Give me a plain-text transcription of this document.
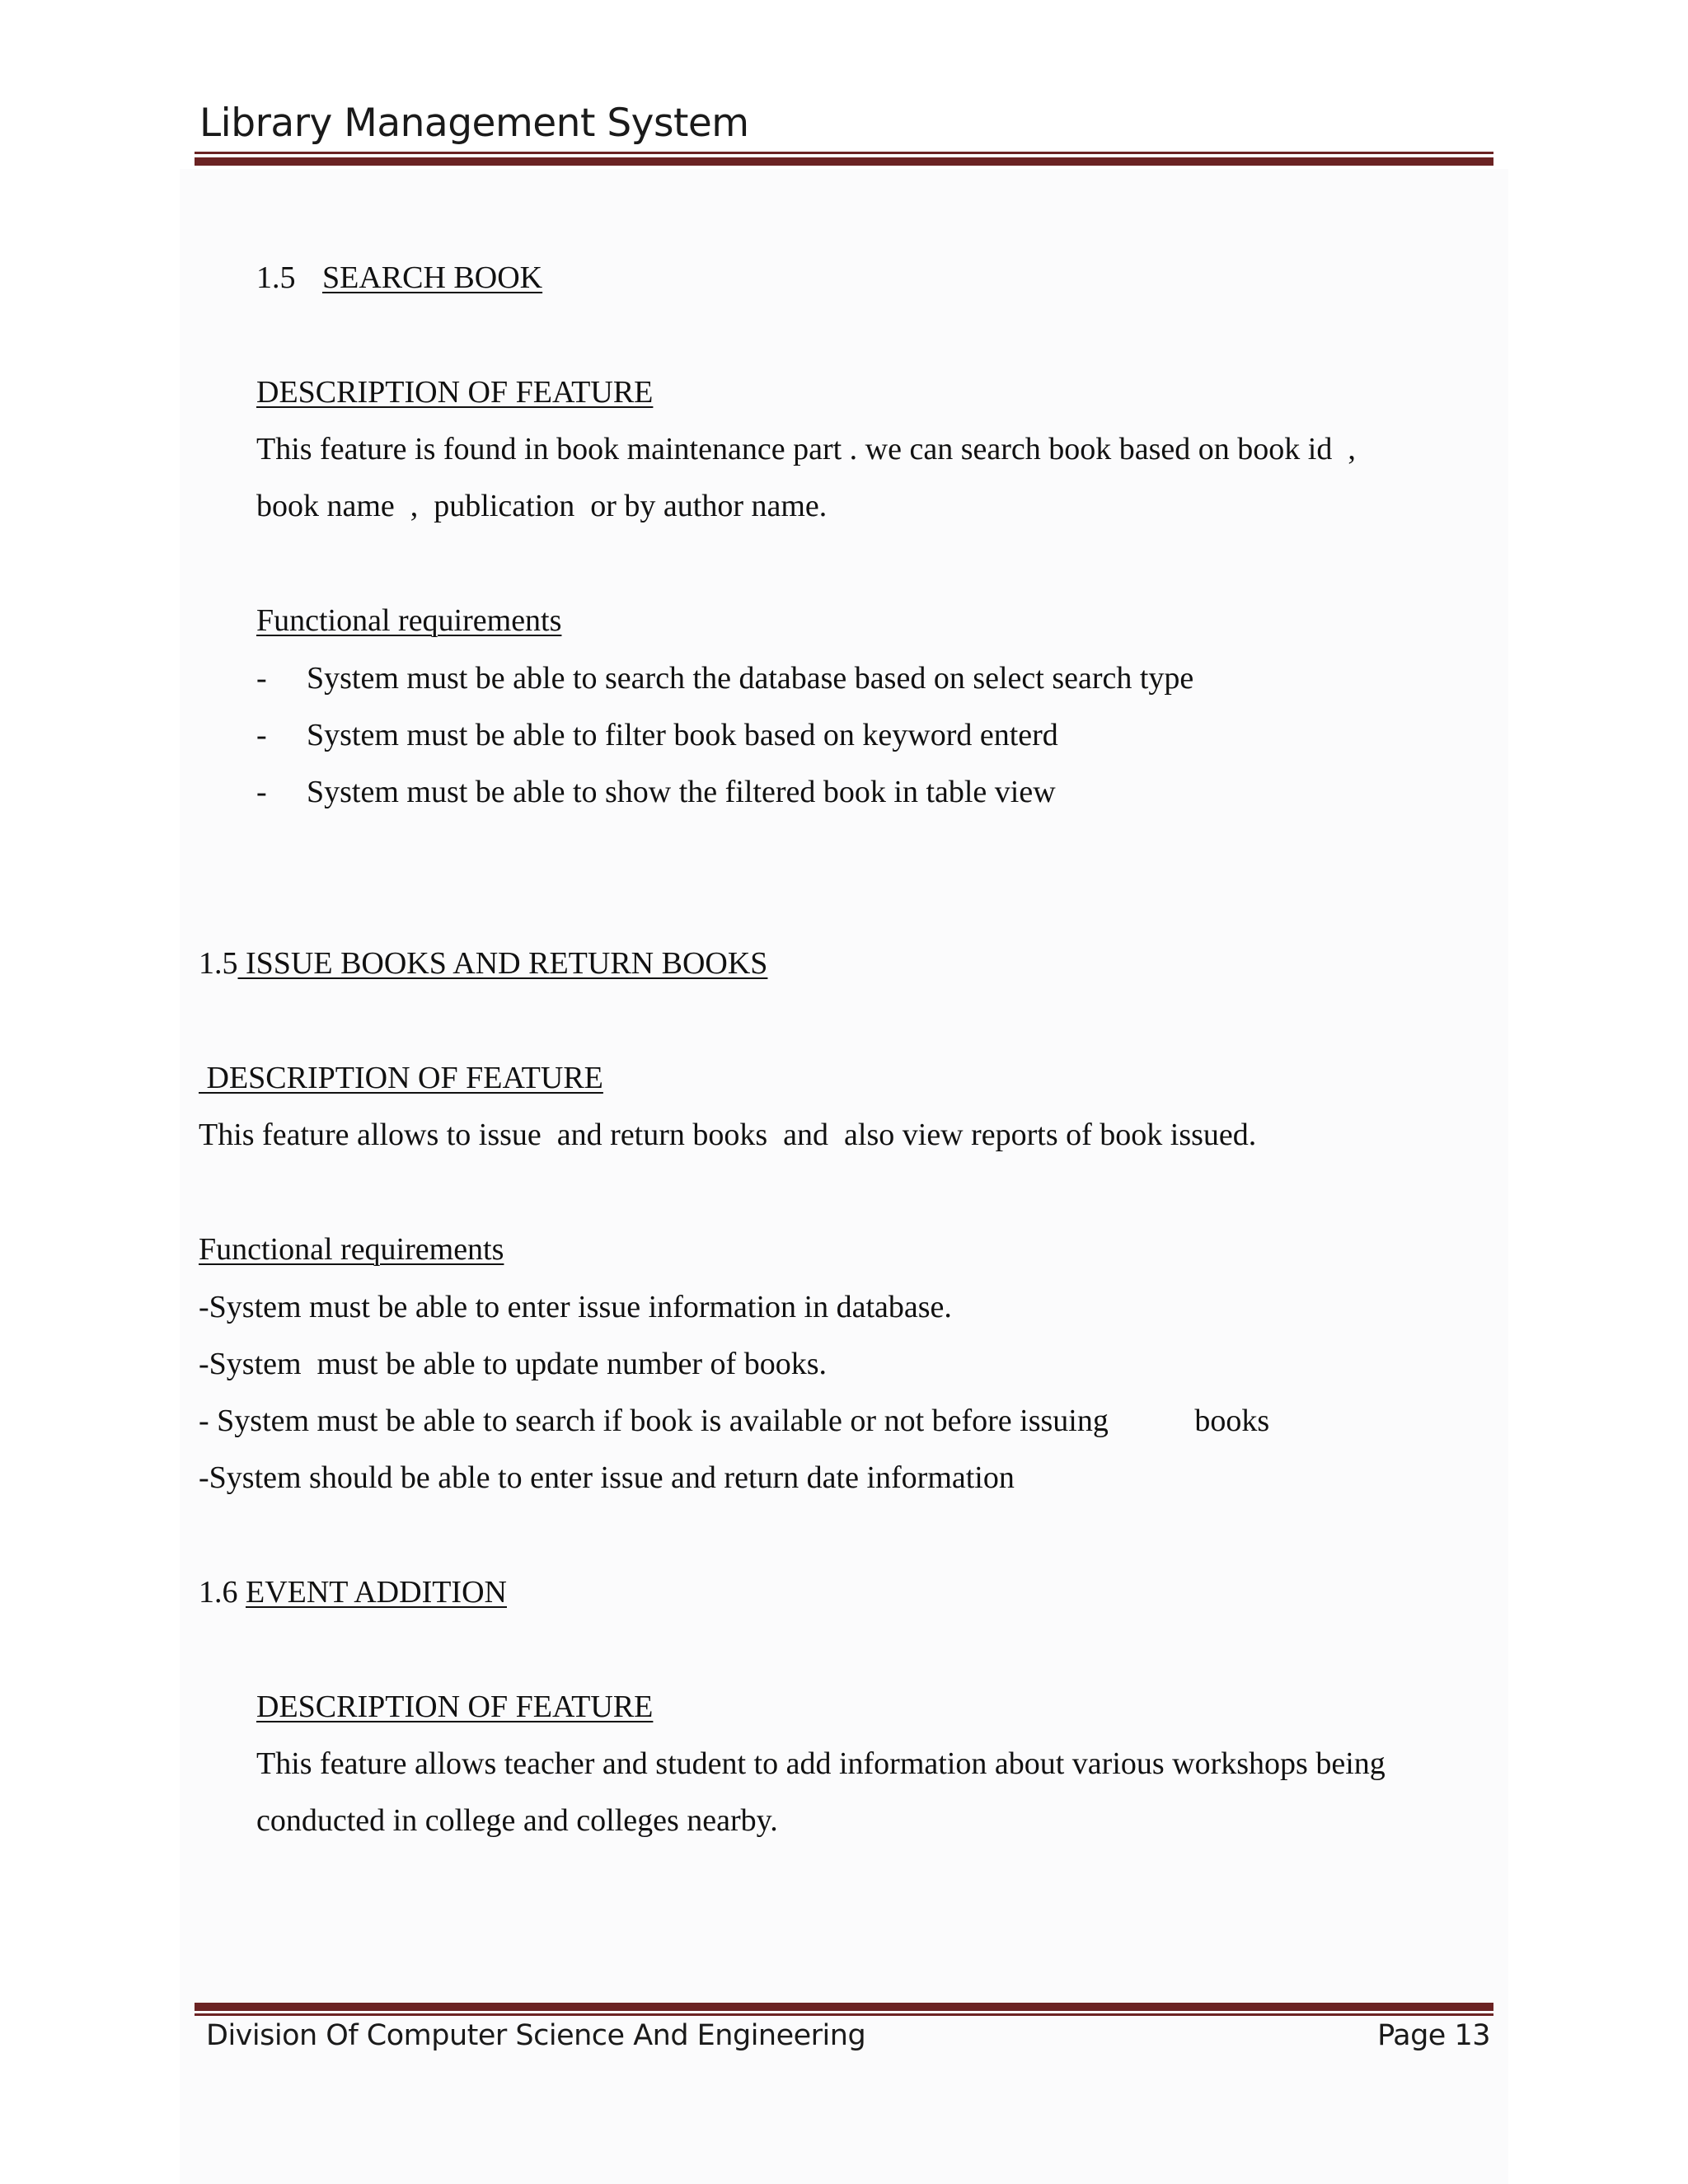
Library Management System
1.5 SEARCH BOOK
DESCRIPTION OF FEATURE
This feature is found in book maintenance part . we can search book based on book id  ,
book name  ,  publication  or by author name.
Functional requirements
- System must be able to search the database based on select search type
- System must be able to filter book based on keyword enterd
- System must be able to show the filtered book in table view
1.5 ISSUE BOOKS AND RETURN BOOKS
DESCRIPTION OF FEATURE
This feature allows to issue  and return books  and  also view reports of book issued.
Functional requirements
-System must be able to enter issue information in database.
-System  must be able to update number of books.
- System must be able to search if book is available or not before issuing           books
-System should be able to enter issue and return date information
1.6 EVENT ADDITION
DESCRIPTION OF FEATURE
This feature allows teacher and student to add information about various workshops being
conducted in college and colleges nearby.
Division Of Computer Science And Engineering	Page 13
